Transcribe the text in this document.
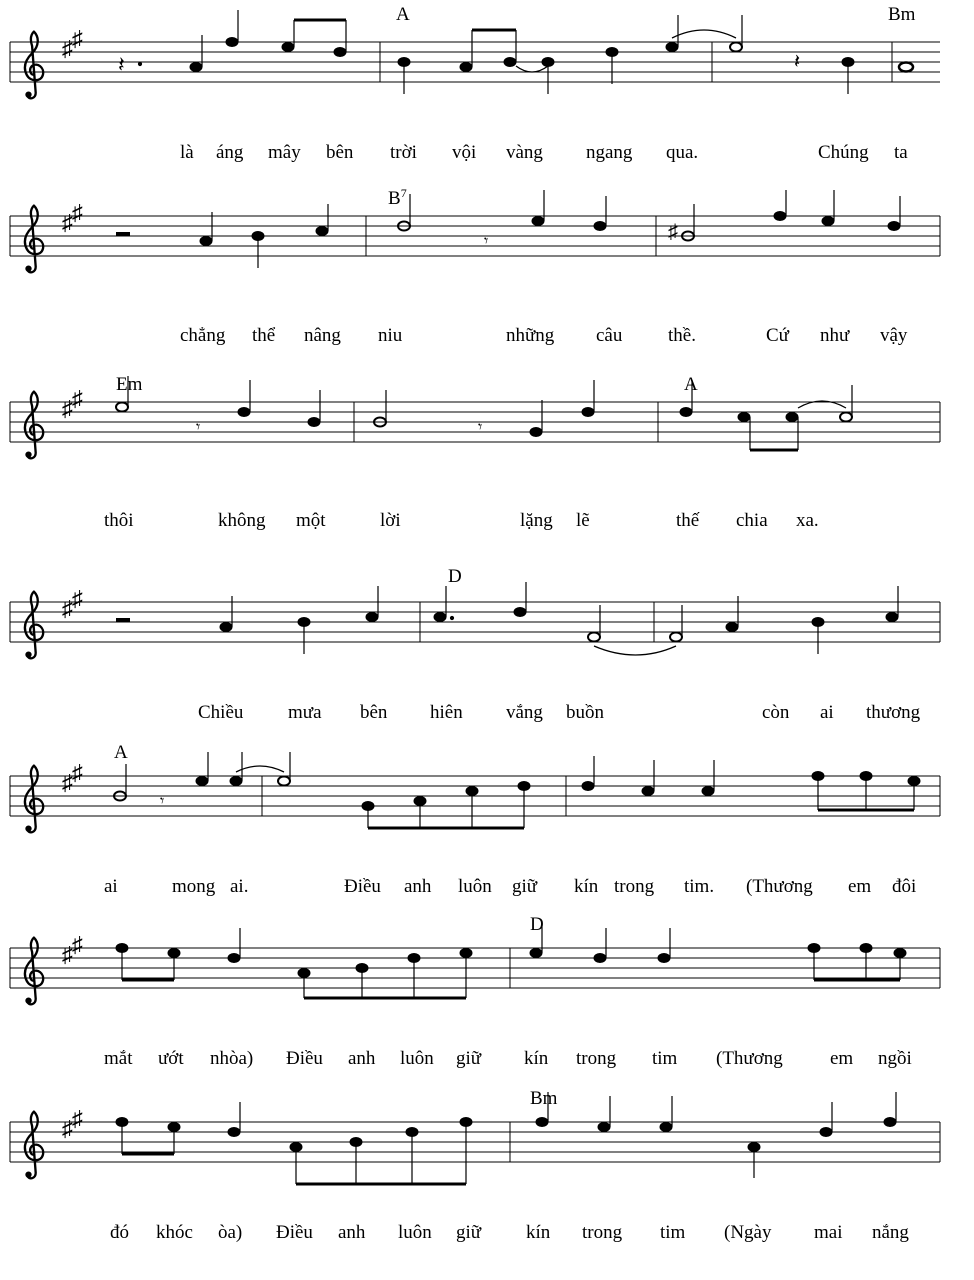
♯ ♯
A	Bm
𝄽	𝄽
là áng mây bên trời vội vàng ngang qua.	Chúng ta
♯ ♯
$B^7$
𝄾	♯
chẳng thể nâng niu	những câu thề.	Cứ như vậy
♯ ♯
Em	A
𝄾	𝄾
thôi	không một	lời	lặng lẽ	thế chia xa.
♯ ♯
D
Chiều mưa bên hiên vắng buồn	còn ai thương
♯ ♯
A
𝄾
ai	mong ai.	Điều anh luôn giữ kín trong tim. (Thương em đôi
♯ ♯
D
mắt ướt nhòa) Điều anh luôn giữ kín trong tim (Thương em ngồi
♯ ♯
Bm
đó khóc òa) Điều anh luôn giữ kín trong tim (Ngày mai nắng
